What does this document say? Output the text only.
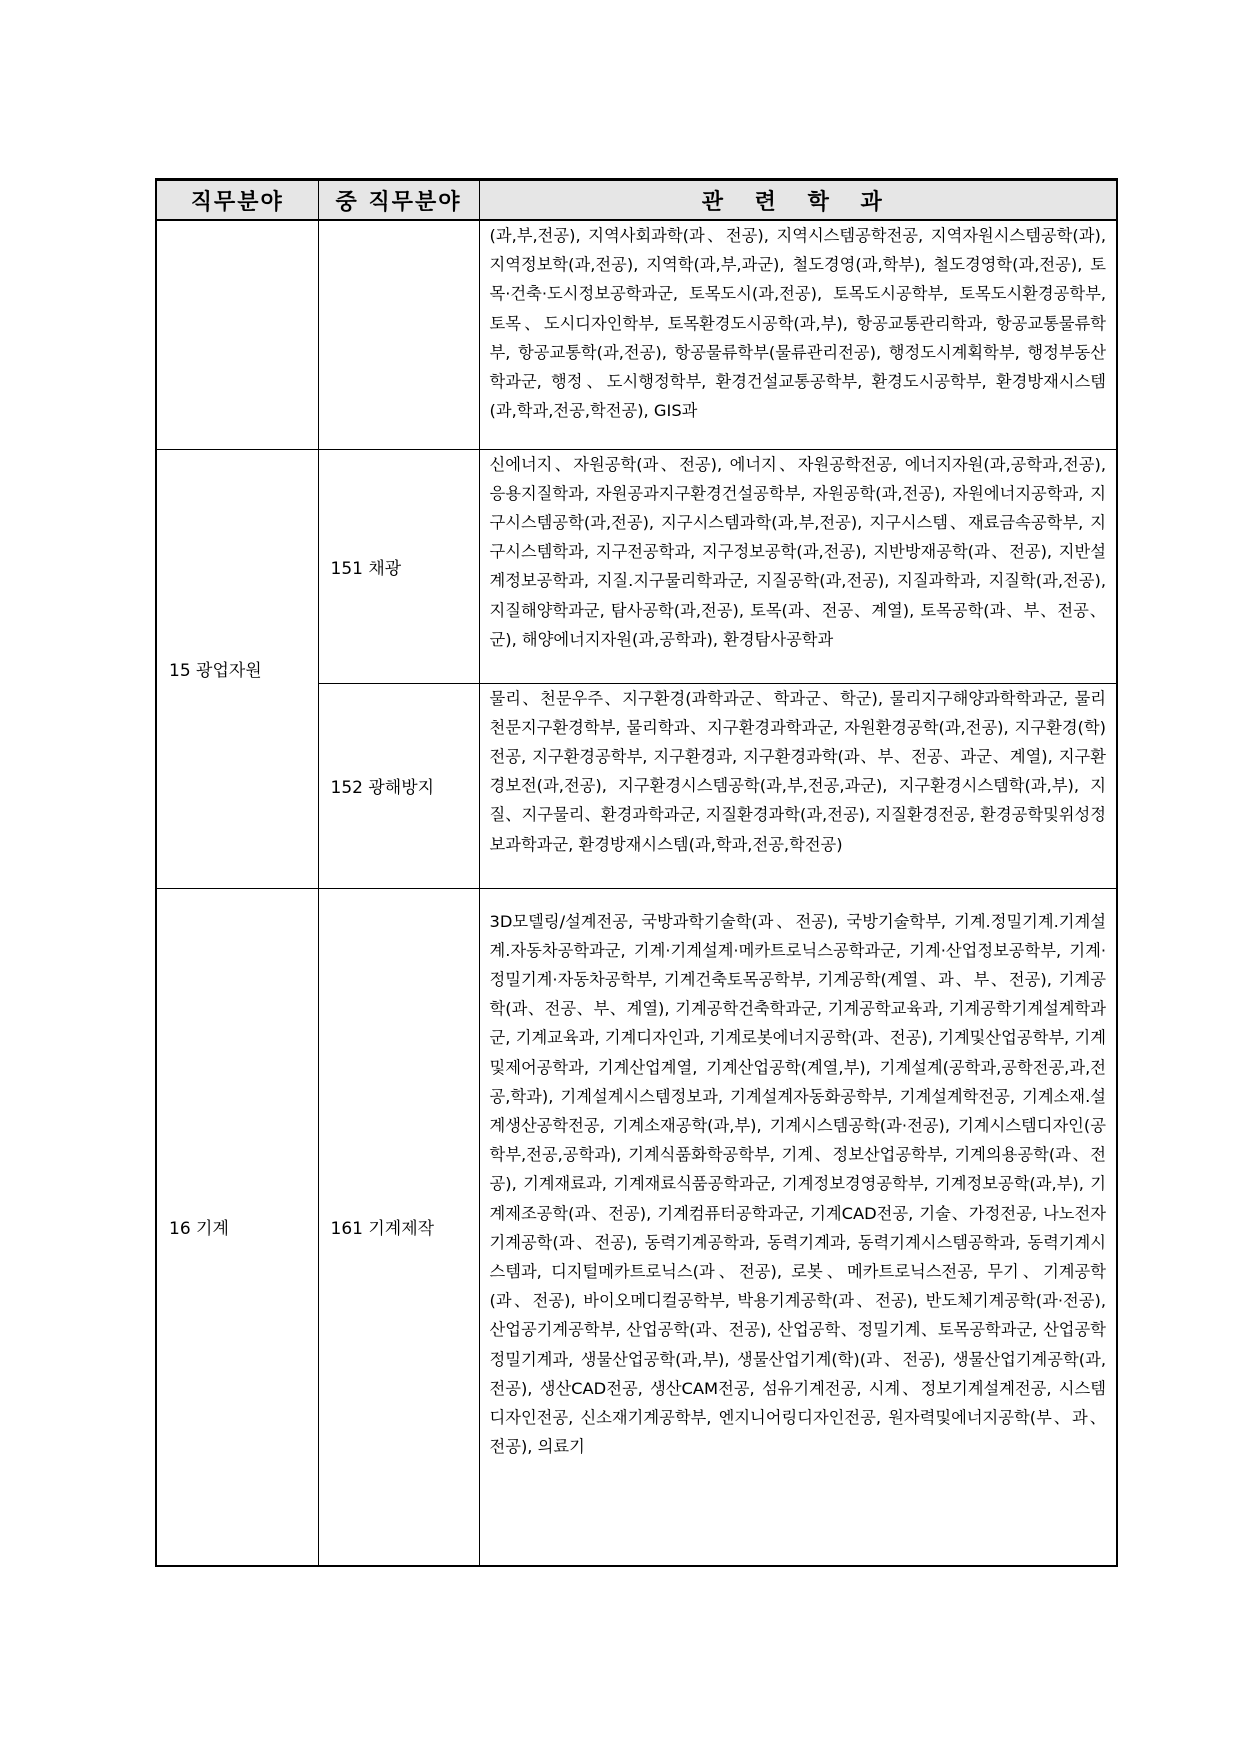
직무분야	중 직무분야	관 련 학 과
		(과,부,전공), 지역사회과학(과、전공), 지역시스템공학전공, 지역자원시스템공학(과), 지역정보학(과,전공), 지역학(과,부,과군), 철도경영(과,학부), 철도경영학(과,전공), 토목·건축·도시정보공학과군, 토목도시(과,전공), 토목도시공학부, 토목도시환경공학부, 토목、도시디자인학부, 토목환경도시공학(과,부), 항공교통관리학과, 항공교통물류학부, 항공교통학(과,전공), 항공물류학부(물류관리전공), 행정도시계획학부, 행정부동산학과군, 행정、도시행정학부, 환경건설교통공학부, 환경도시공학부, 환경방재시스템(과,학과,전공,학전공), GIS과
15 광업자원	151 채광	신에너지、자원공학(과、전공), 에너지、자원공학전공, 에너지자원(과,공학과,전공), 응용지질학과, 자원공과지구환경건설공학부, 자원공학(과,전공), 자원에너지공학과, 지구시스템공학(과,전공), 지구시스템과학(과,부,전공), 지구시스템、재료금속공학부, 지구시스템학과, 지구전공학과, 지구정보공학(과,전공), 지반방재공학(과、전공), 지반설계정보공학과, 지질.지구물리학과군, 지질공학(과,전공), 지질과학과, 지질학(과,전공), 지질해양학과군, 탐사공학(과,전공), 토목(과、전공、계열), 토목공학(과、부、전공、군), 해양에너지자원(과,공학과), 환경탐사공학과
	152 광해방지	물리、천문우주、지구환경(과학과군、학과군、학군), 물리지구해양과학학과군, 물리천문지구환경학부, 물리학과、지구환경과학과군, 자원환경공학(과,전공), 지구환경(학)전공, 지구환경공학부, 지구환경과, 지구환경과학(과、부、전공、과군、계열), 지구환경보전(과,전공), 지구환경시스템공학(과,부,전공,과군), 지구환경시스템학(과,부), 지질、지구물리、환경과학과군, 지질환경과학(과,전공), 지질환경전공, 환경공학및위성정보과학과군, 환경방재시스템(과,학과,전공,학전공)
16 기계	161 기계제작	3D모델링/설계전공, 국방과학기술학(과、전공), 국방기술학부, 기계.정밀기계.기계설계.자동차공학과군, 기계·기계설계·메카트로닉스공학과군, 기계·산업정보공학부, 기계·정밀기계·자동차공학부, 기계건축토목공학부, 기계공학(계열、과、부、전공), 기계공학(과、전공、부、계열), 기계공학건축학과군, 기계공학교육과, 기계공학기계설계학과군, 기계교육과, 기계디자인과, 기계로봇에너지공학(과、전공), 기계및산업공학부, 기계및제어공학과, 기계산업계열, 기계산업공학(계열,부), 기계설계(공학과,공학전공,과,전공,학과), 기계설계시스템정보과, 기계설계자동화공학부, 기계설계학전공, 기계소재.설계생산공학전공, 기계소재공학(과,부), 기계시스템공학(과·전공), 기계시스템디자인(공학부,전공,공학과), 기계식품화학공학부, 기계、정보산업공학부, 기계의용공학(과、전공), 기계재료과, 기계재료식품공학과군, 기계정보경영공학부, 기계정보공학(과,부), 기계제조공학(과、전공), 기계컴퓨터공학과군, 기계CAD전공, 기술、가정전공, 나노전자기계공학(과、전공), 동력기계공학과, 동력기계과, 동력기계시스템공학과, 동력기계시스템과, 디지털메카트로닉스(과、전공), 로봇、메카트로닉스전공, 무기、기계공학(과、전공), 바이오메디컬공학부, 박용기계공학(과、전공), 반도체기계공학(과·전공), 산업공기계공학부, 산업공학(과、전공), 산업공학、정밀기계、토목공학과군, 산업공학정밀기계과, 생물산업공학(과,부), 생물산업기계(학)(과、전공), 생물산업기계공학(과,전공), 생산CAD전공, 생산CAM전공, 섬유기계전공, 시계、정보기계설계전공, 시스템디자인전공, 신소재기계공학부, 엔지니어링디자인전공, 원자력및에너지공학(부、과、전공), 의료기
